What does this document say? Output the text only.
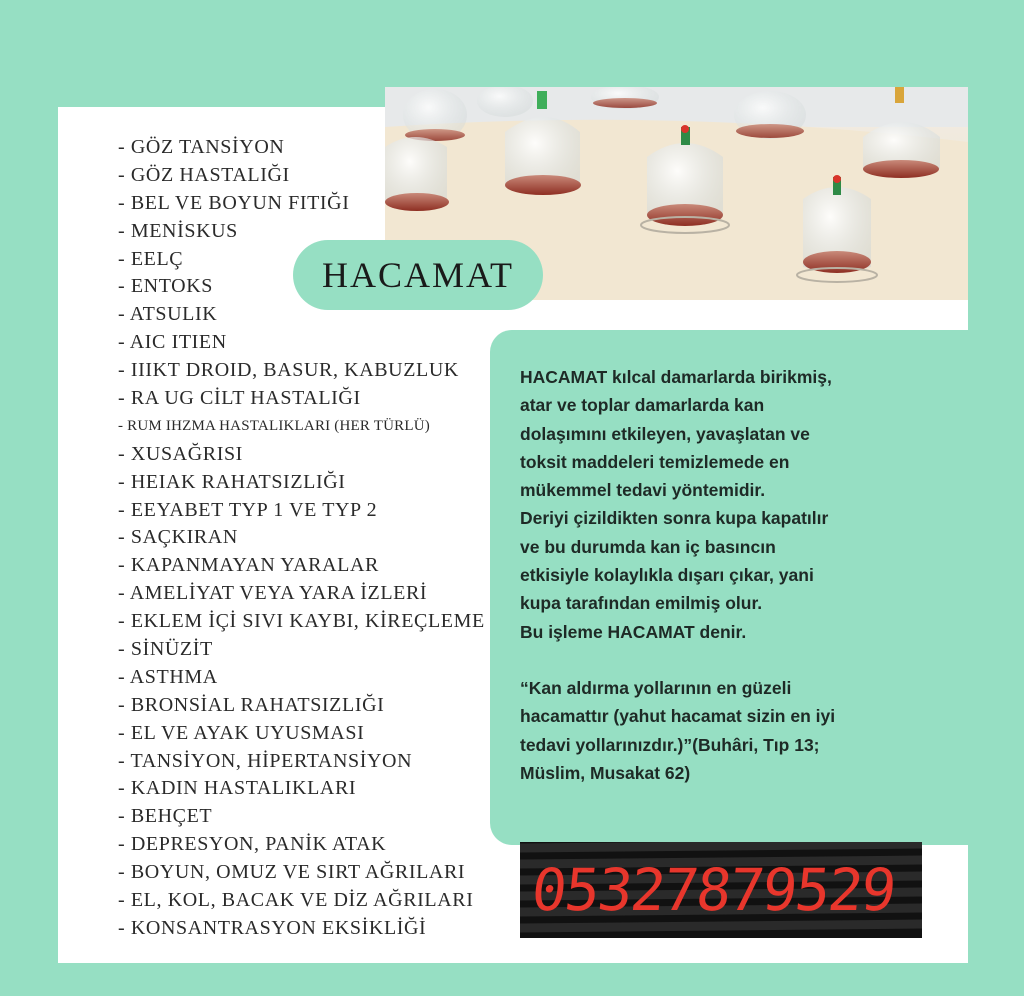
HACAMAT
- GÖZ TANSİYON
- GÖZ HASTALIĞI
- BEL VE BOYUN FITIĞI
- MENİSKUS
- EELÇ
- ENTOKS
- ATSULIK
- AIC ITIEN
- IIIKT DROID, BASUR, KABUZLUK
- RA UG CİLT HASTALIĞI
- RUM IHZMA HASTALIKLARI (HER TÜRLÜ)
- XUSAĞRISI
- HEIAK RAHATSIZLIĞI
- EEYABET TYP 1 VE TYP 2
- SAÇKIRAN
- KAPANMAYAN YARALAR
- AMELİYAT VEYA YARA İZLERİ
- EKLEM İÇİ SIVI KAYBI, KİREÇLEME
- SİNÜZİT
- ASTHMA
- BRONSİAL RAHATSIZLIĞI
- EL VE AYAK UYUSMASI
- TANSİYON, HİPERTANSİYON
- KADIN HASTALIKLARI
- BEHÇET
- DEPRESYON, PANİK ATAK
- BOYUN, OMUZ VE SIRT AĞRILARI
- EL, KOL, BACAK VE DİZ AĞRILARI
- KONSANTRASYON EKSİKLİĞİ

HACAMAT kılcal damarlarda birikmiş,

atar ve toplar damarlarda kan

dolaşımını etkileyen, yavaşlatan ve

toksit maddeleri temizlemede en

mükemmel tedavi yöntemidir.

Deriyi çizildikten sonra kupa kapatılır

ve bu durumda kan iç basıncın

etkisiyle kolaylıkla dışarı çıkar, yani

kupa tarafından emilmiş olur.

Bu işleme HACAMAT denir.

“Kan aldırma yollarının en güzeli

hacamattır (yahut hacamat sizin en iyi

tedavi yollarınızdır.)”(Buhâri, Tıp 13;

Müslim, Musakat 62)

05327879529
